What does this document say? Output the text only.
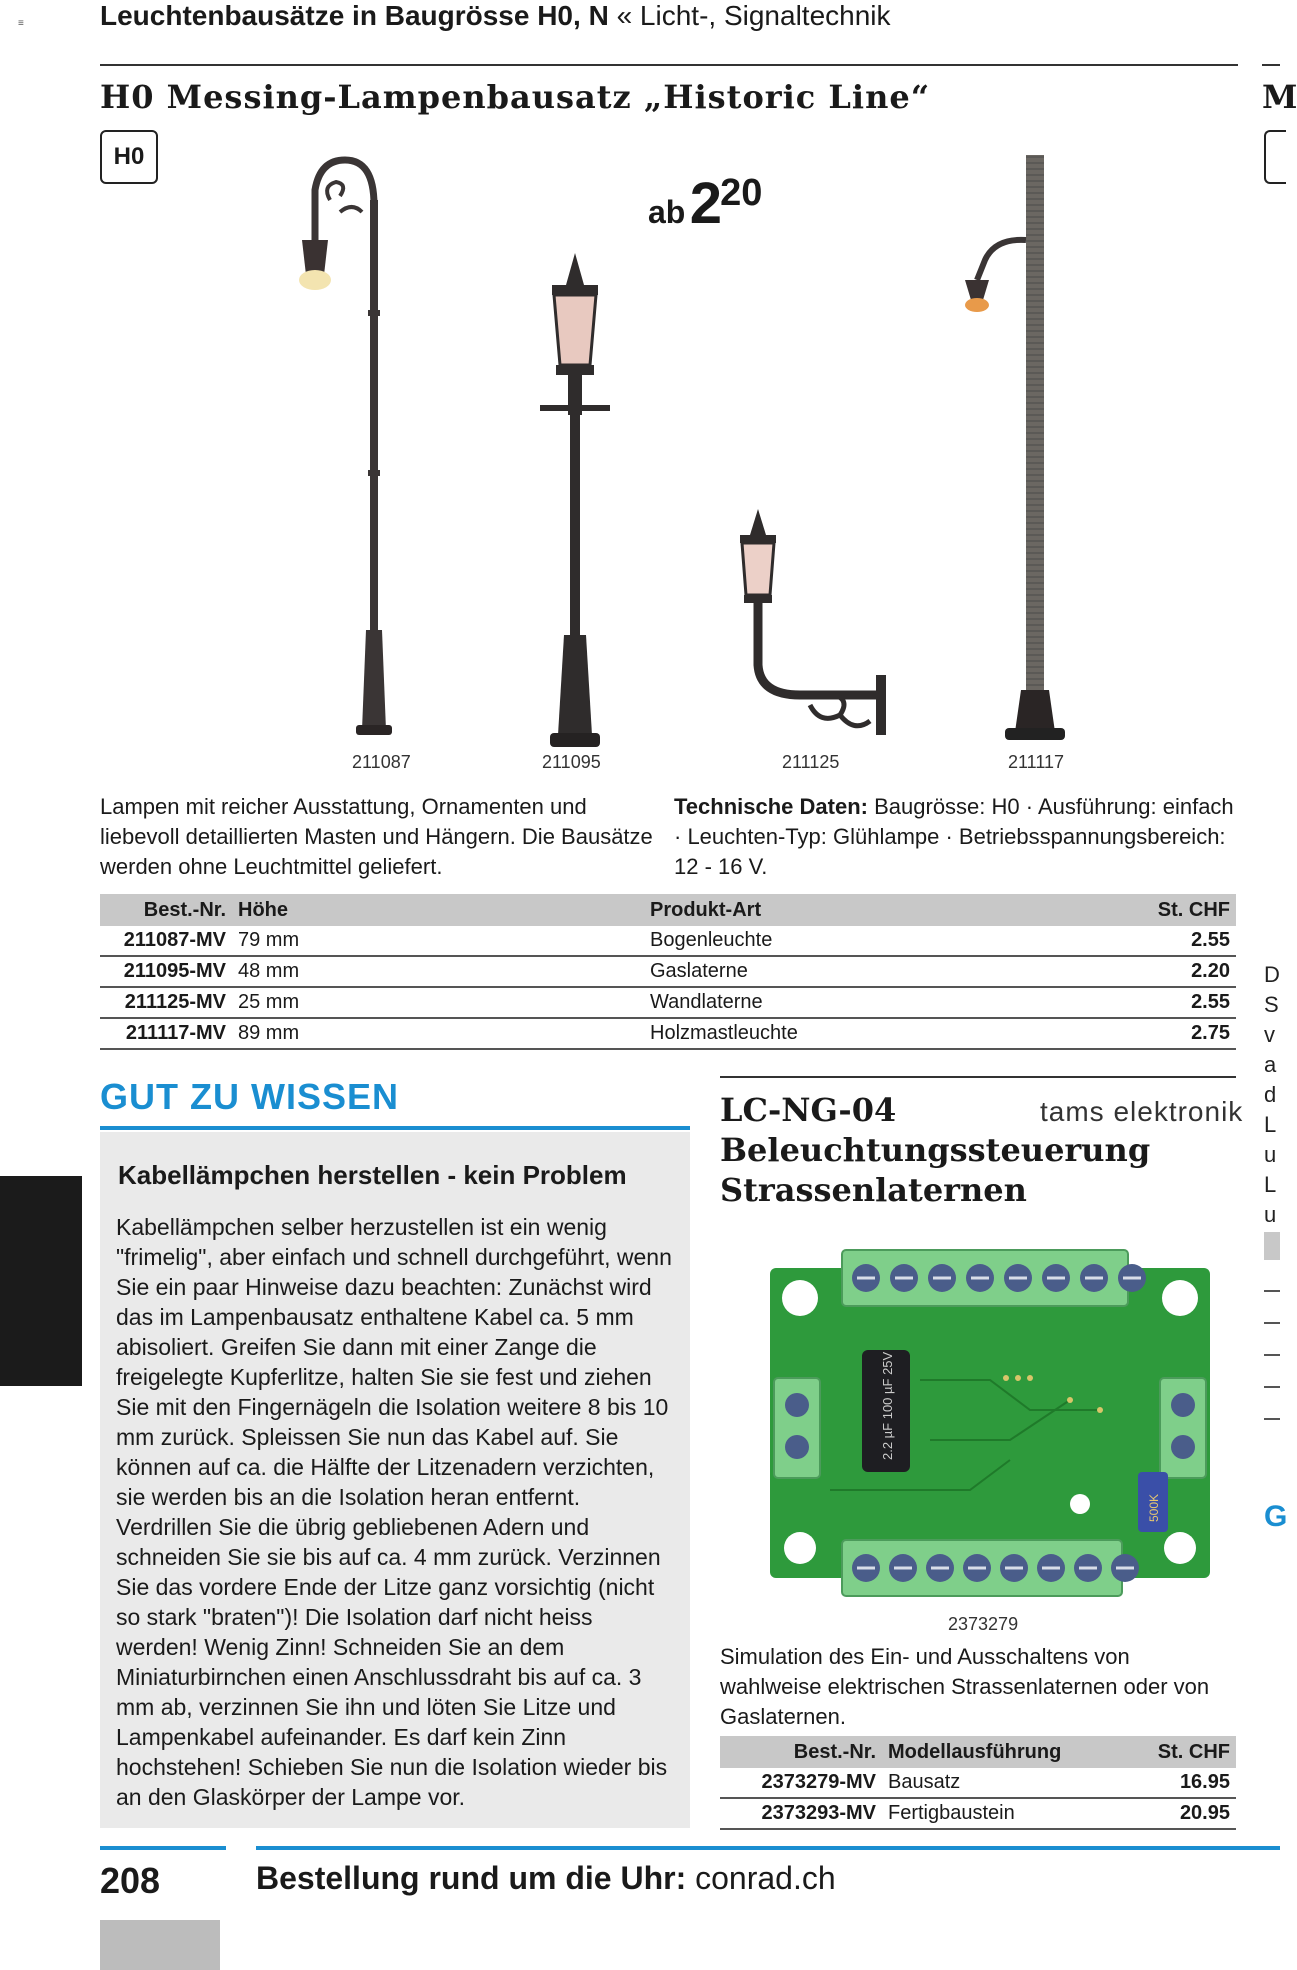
Leuchtenbausätze in Baugrösse H0, N « Licht-, Signaltechnik
≡
M
D
S
v
a
d
L
u
L
u
G
H0 Messing-Lampenbausatz „Historic Line“
H0
ab $2^{20}$
211087	211095	211125	211117
Lampen mit reicher Ausstattung, Ornamenten und liebevoll detaillierten Masten und Hängern. Die Bausätze werden ohne Leuchtmittel geliefert.
Technische Daten: Baugrösse: H0 · Ausführung: einfach · Leuchten-Typ: Glühlampe · Betriebsspannungsbereich: 12 - 16 V.
Best.-Nr.	Höhe	Produkt-Art	St. CHF
211087-MV	79 mm	Bogenleuchte	2.55
211095-MV	48 mm	Gaslaterne	2.20
211125-MV	25 mm	Wandlaterne	2.55
211117-MV	89 mm	Holzmastleuchte	2.75
GUT ZU WISSEN
Kabellämpchen herstellen - kein Problem
Kabellämpchen selber herzustellen ist ein wenig "frimelig", aber einfach und schnell durchgeführt, wenn Sie ein paar Hinweise dazu beachten: Zunächst wird das im Lampenbausatz enthaltene Kabel ca. 5 mm abisoliert. Greifen Sie dann mit einer Zange die freigelegte Kupferlitze, halten Sie sie fest und ziehen Sie mit den Fingernägeln die Isolation weitere 8 bis 10 mm zurück. Spleissen Sie nun das Kabel auf. Sie können auf ca. die Hälfte der Litzenadern verzichten, sie werden bis an die Isolation heran entfernt. Verdrillen Sie die übrig gebliebenen Adern und schneiden Sie sie bis auf ca. 4 mm zurück. Verzinnen Sie das vordere Ende der Litze ganz vorsichtig (nicht so stark "braten")! Die Isolation darf nicht heiss werden! Wenig Zinn! Schneiden Sie an dem Miniaturbirnchen einen Anschlussdraht bis auf ca. 3 mm ab, verzinnen Sie ihn und löten Sie Litze und Lampenkabel aufeinander. Es darf kein Zinn hochstehen! Schieben Sie nun die Isolation wieder bis an den Glaskörper der Lampe vor.
LC-NG-04
Beleuchtungssteuerung
Strassenlaternen
tams elektronik
2.2 µF 100 µF 25V
500K
2373279
Simulation des Ein- und Ausschaltens von wahlweise elektrischen Strassenlaternen oder von Gaslaternen.
Best.-Nr.	Modellausführung	St. CHF
2373279-MV	Bausatz	16.95
2373293-MV	Fertigbaustein	20.95
208	Bestellung rund um die Uhr: conrad.ch
